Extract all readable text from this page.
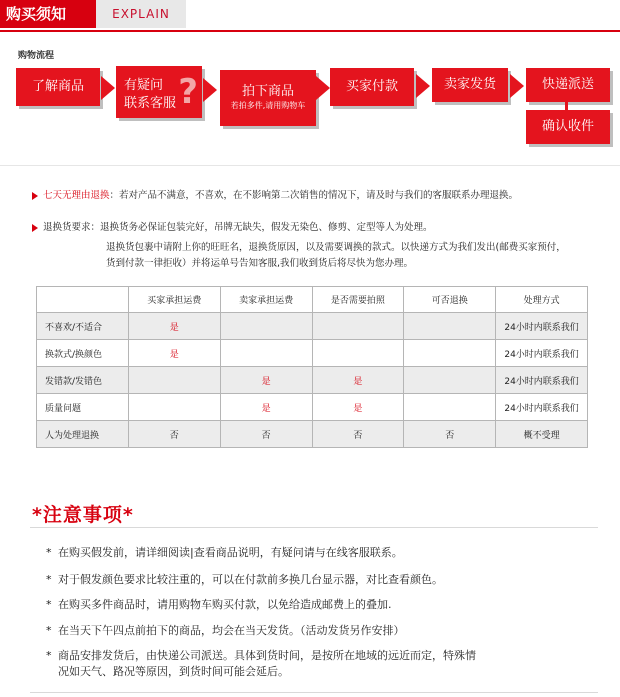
购买须知	EXPLAIN
购物流程
了解商品	有疑问
联系客服 ?	拍下商品
若拍多件,请用购物车
买家付款	卖家发货	快递派送
确认收件
七天无理由退换：若对产品不满意，不喜欢，在不影响第二次销售的情况下，请及时与我们的客服联系办理退换。
退换货要求：退换货务必保证包装完好，吊牌无缺失，假发无染色、修剪、定型等人为处理。
退换货包裹中请附上你的旺旺名，退换货原因，以及需要调换的款式。以快递方式为我们发出(邮费买家预付，货到付款一律拒收）并将运单号告知客服,我们收到货后将尽快为您办理。
	买家承担运费	卖家承担运费	是否需要拍照	可否退换	处理方式
不喜欢/不适合	是				24小时内联系我们
换款式/换颜色	是				24小时内联系我们
发错款/发错色		是	是		24小时内联系我们
质量问题		是	是		24小时内联系我们
人为处理退换	否	否	否	否	概不受理
*注意事项*
* 在购买假发前，请详细阅读|查看商品说明，有疑问请与在线客服联系。
* 对于假发颜色要求比较注重的，可以在付款前多换几台显示器，对比查看颜色。
* 在购买多件商品时，请用购物车购买付款，以免给造成邮费上的叠加.
* 在当天下午四点前拍下的商品，均会在当天发货。（活动发货另作安排）
* 商品安排发货后，由快递公司派送。具体到货时间，是按所在地域的远近而定，特殊情
况如天气、路况等原因，到货时间可能会延后。
